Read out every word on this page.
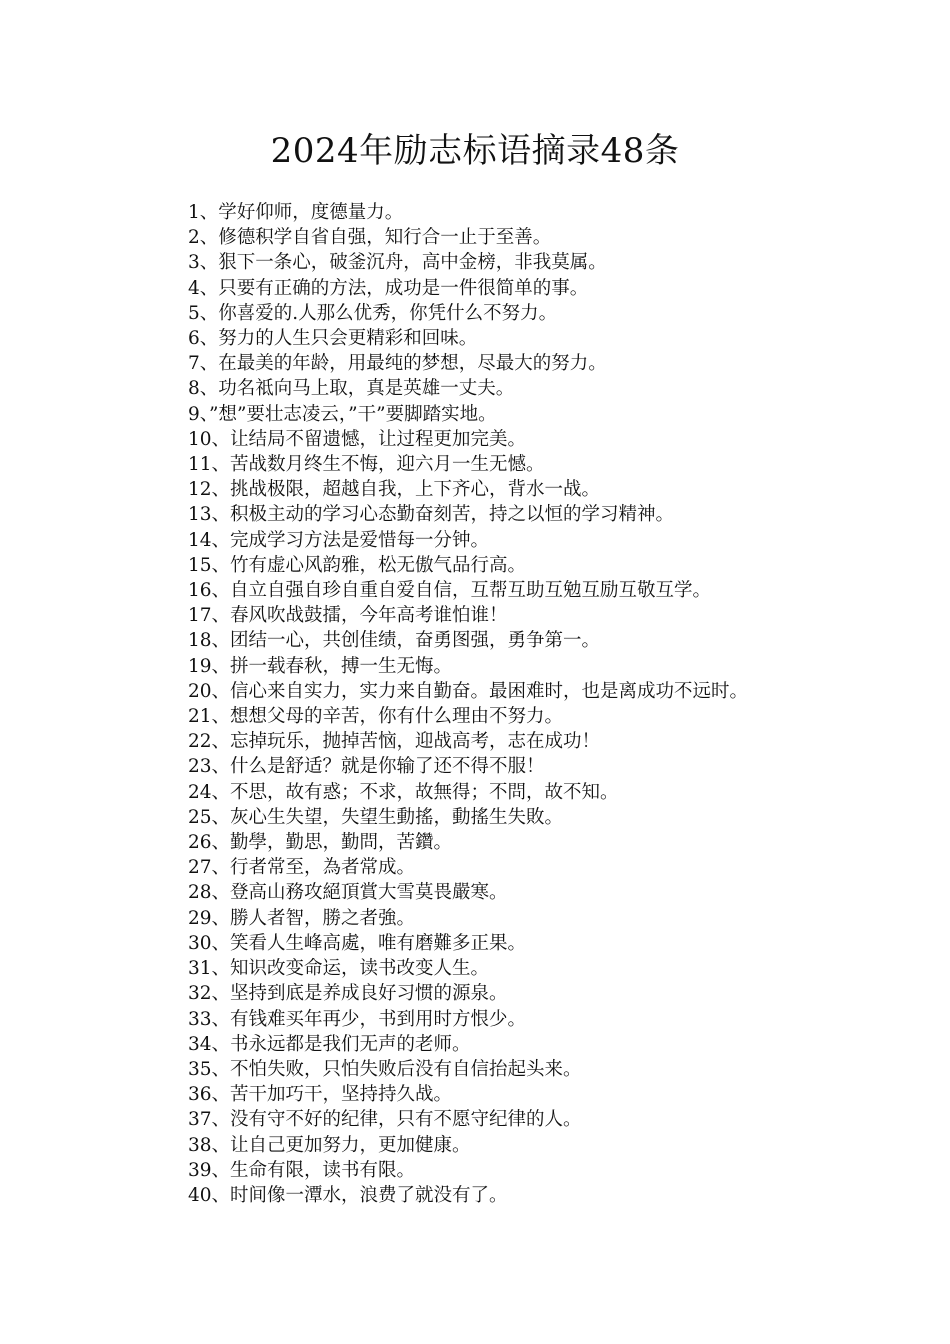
2024年励志标语摘录48条
1、学好仰师，度德量力。
2、修德积学自省自强，知行合一止于至善。
3、狠下一条心，破釜沉舟，高中金榜，非我莫属。
4、只要有正确的方法，成功是一件很简单的事。
5、你喜爱的.人那么优秀，你凭什么不努力。
6、努力的人生只会更精彩和回味。
7、在最美的年龄，用最纯的梦想，尽最大的努力。
8、功名祗向马上取，真是英雄一丈夫。
9、”想”要壮志凌云，”干”要脚踏实地。
10、让结局不留遗憾，让过程更加完美。
11、苦战数月终生不悔，迎六月一生无憾。
12、挑战极限，超越自我，上下齐心，背水一战。
13、积极主动的学习心态勤奋刻苦，持之以恒的学习精神。
14、完成学习方法是爱惜每一分钟。
15、竹有虚心风韵雅，松无傲气品行高。
16、自立自强自珍自重自爱自信，互帮互助互勉互励互敬互学。
17、春风吹战鼓擂，今年高考谁怕谁！
18、团结一心，共创佳绩，奋勇图强，勇争第一。
19、拼一载春秋，搏一生无悔。
20、信心来自实力，实力来自勤奋。最困难时，也是离成功不远时。
21、想想父母的辛苦，你有什么理由不努力。
22、忘掉玩乐，抛掉苦恼，迎战高考，志在成功！
23、什么是舒适？就是你输了还不得不服！
24、不思，故有惑；不求，故無得；不問，故不知。
25、灰心生失望，失望生動搖，動搖生失敗。
26、勤學，勤思，勤問，苦鑽。
27、行者常至，為者常成。
28、登高山務攻絕頂賞大雪莫畏嚴寒。
29、勝人者智，勝之者強。
30、笑看人生峰高處，唯有磨難多正果。
31、知识改变命运，读书改变人生。
32、坚持到底是养成良好习惯的源泉。
33、有钱难买年再少，书到用时方恨少。
34、书永远都是我们无声的老师。
35、不怕失败，只怕失败后没有自信抬起头来。
36、苦干加巧干，坚持持久战。
37、没有守不好的纪律，只有不愿守纪律的人。
38、让自己更加努力，更加健康。
39、生命有限，读书有限。
40、时间像一潭水，浪费了就没有了。
